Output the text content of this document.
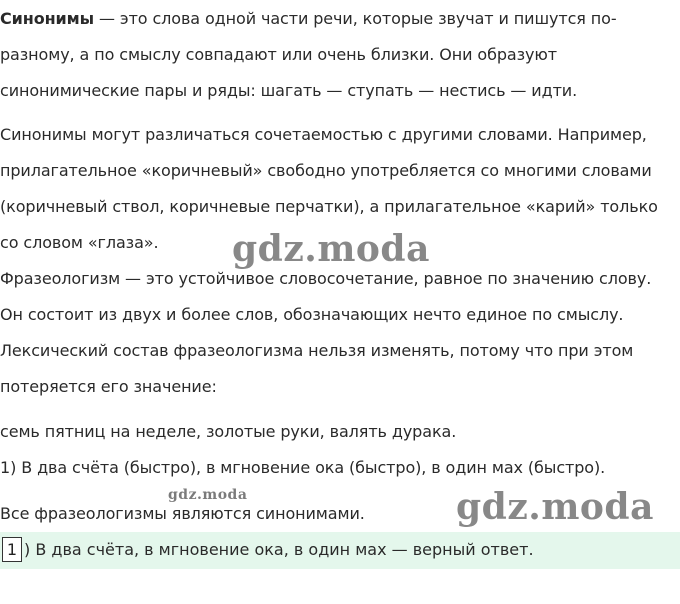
Синонимы — это слова одной части речи, которые звучат и пишутся по-
разному, а по смыслу совпадают или очень близки. Они образуют
синонимические пары и ряды: шагать — ступать — нестись — идти.
Синонимы могут различаться сочетаемостью с другими словами. Например,
прилагательное «коричневый» свободно употребляется со многими словами
(коричневый ствол, коричневые перчатки), а прилагательное «карий» только
со словом «глаза». gdz.moda
Фразеологизм — это устойчивое словосочетание, равное по значению слову.
Он состоит из двух и более слов, обозначающих нечто единое по смыслу.
Лексический состав фразеологизма нельзя изменять, потому что при этом
потеряется его значение:
семь пятниц на неделе, золотые руки, валять дурака.
1) В два счёта (быстро), в мгновение ока (быстро), в один мах (быстро).
gdz.moda
Все фразеологизмы являются синонимами.	gdz.moda
1 ) В два счёта, в мгновение ока, в один мах — верный ответ.
